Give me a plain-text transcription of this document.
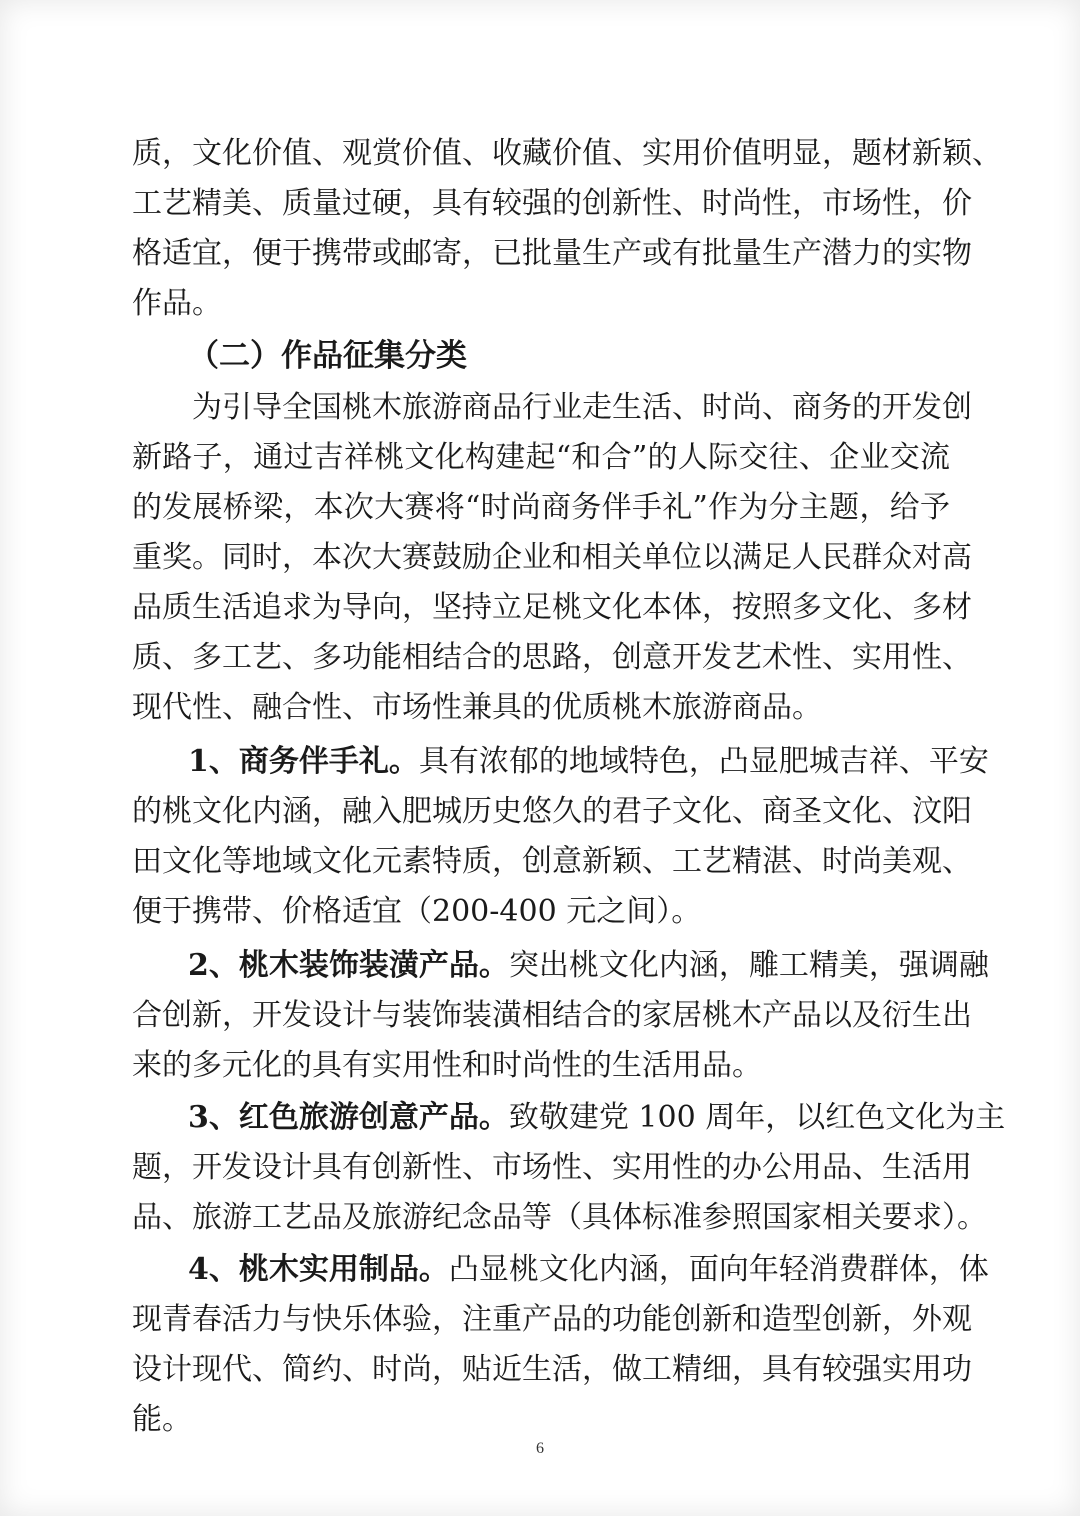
质，文化价值、观赏价值、收藏价值、实用价值明显，题材新颖、
工艺精美、质量过硬，具有较强的创新性、时尚性，市场性，价
格适宜，便于携带或邮寄，已批量生产或有批量生产潜力的实物
作品。
（二）作品征集分类
为引导全国桃木旅游商品行业走生活、时尚、商务的开发创
新路子，通过吉祥桃文化构建起“和合”的人际交往、企业交流
的发展桥梁，本次大赛将“时尚商务伴手礼”作为分主题，给予
重奖。同时，本次大赛鼓励企业和相关单位以满足人民群众对高
品质生活追求为导向，坚持立足桃文化本体，按照多文化、多材
质、多工艺、多功能相结合的思路，创意开发艺术性、实用性、
现代性、融合性、市场性兼具的优质桃木旅游商品。
1、商务伴手礼。 具有浓郁的地域特色，凸显肥城吉祥、平安
的桃文化内涵，融入肥城历史悠久的君子文化、商圣文化、汶阳
田文化等地域文化元素特质，创意新颖、工艺精湛、时尚美观、
便于携带、价格适宜（200-400 元之间）。
2、桃木装饰装潢产品。 突出桃文化内涵，雕工精美，强调融
合创新，开发设计与装饰装潢相结合的家居桃木产品以及衍生出
来的多元化的具有实用性和时尚性的生活用品。
3、红色旅游创意产品。 致敬建党 100 周年，以红色文化为主
题，开发设计具有创新性、市场性、实用性的办公用品、生活用
品、旅游工艺品及旅游纪念品等（具体标准参照国家相关要求）。
4、桃木实用制品。 凸显桃文化内涵，面向年轻消费群体，体
现青春活力与快乐体验，注重产品的功能创新和造型创新，外观
设计现代、简约、时尚，贴近生活，做工精细，具有较强实用功
能。
6
